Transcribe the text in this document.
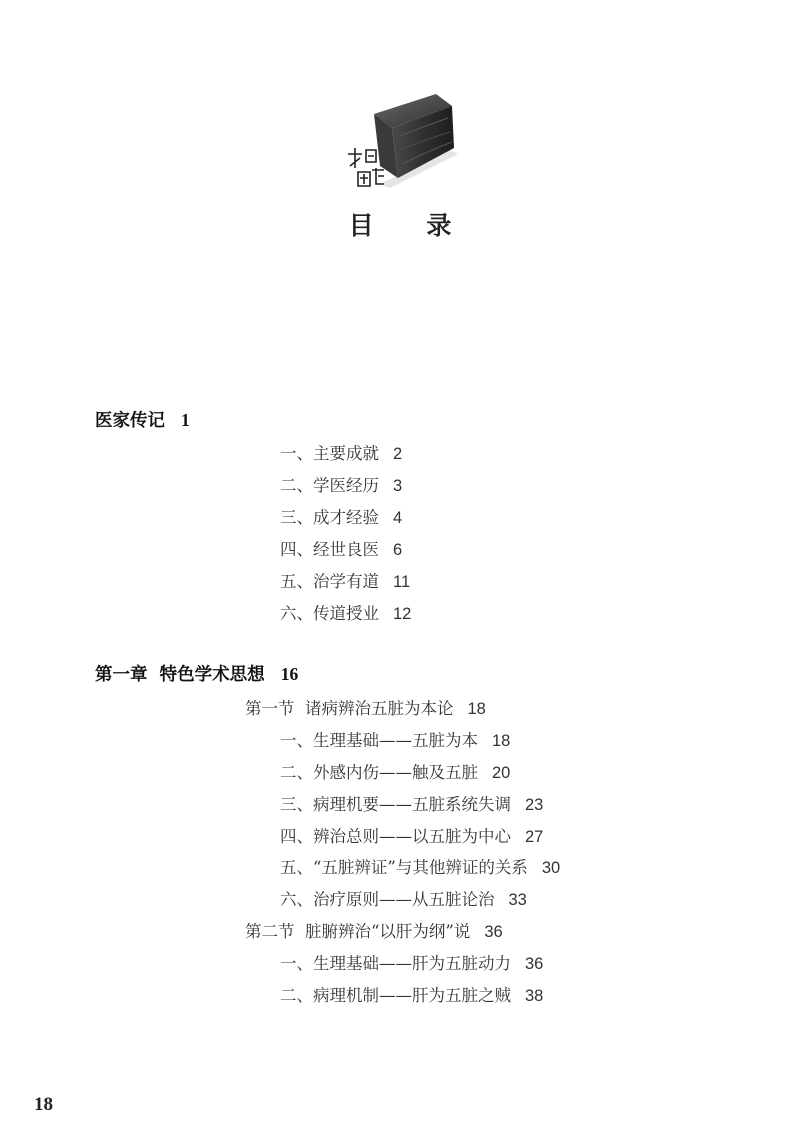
目 录
医家传记 1
一、主要成就 2
二、学医经历 3
三、成才经验 4
四、经世良医 6
五、治学有道 11
六、传道授业 12
第一章  特色学术思想 16
第一节  诸病辨治五脏为本论 18
一、生理基础——五脏为本 18
二、外感内伤——触及五脏 20
三、病理机要——五脏系统失调 23
四、辨治总则——以五脏为中心 27
五、“五脏辨证”与其他辨证的关系 30
六、治疗原则——从五脏论治 33
第二节  脏腑辨治“以肝为纲”说 36
一、生理基础——肝为五脏动力 36
二、病理机制——肝为五脏之贼 38
18
